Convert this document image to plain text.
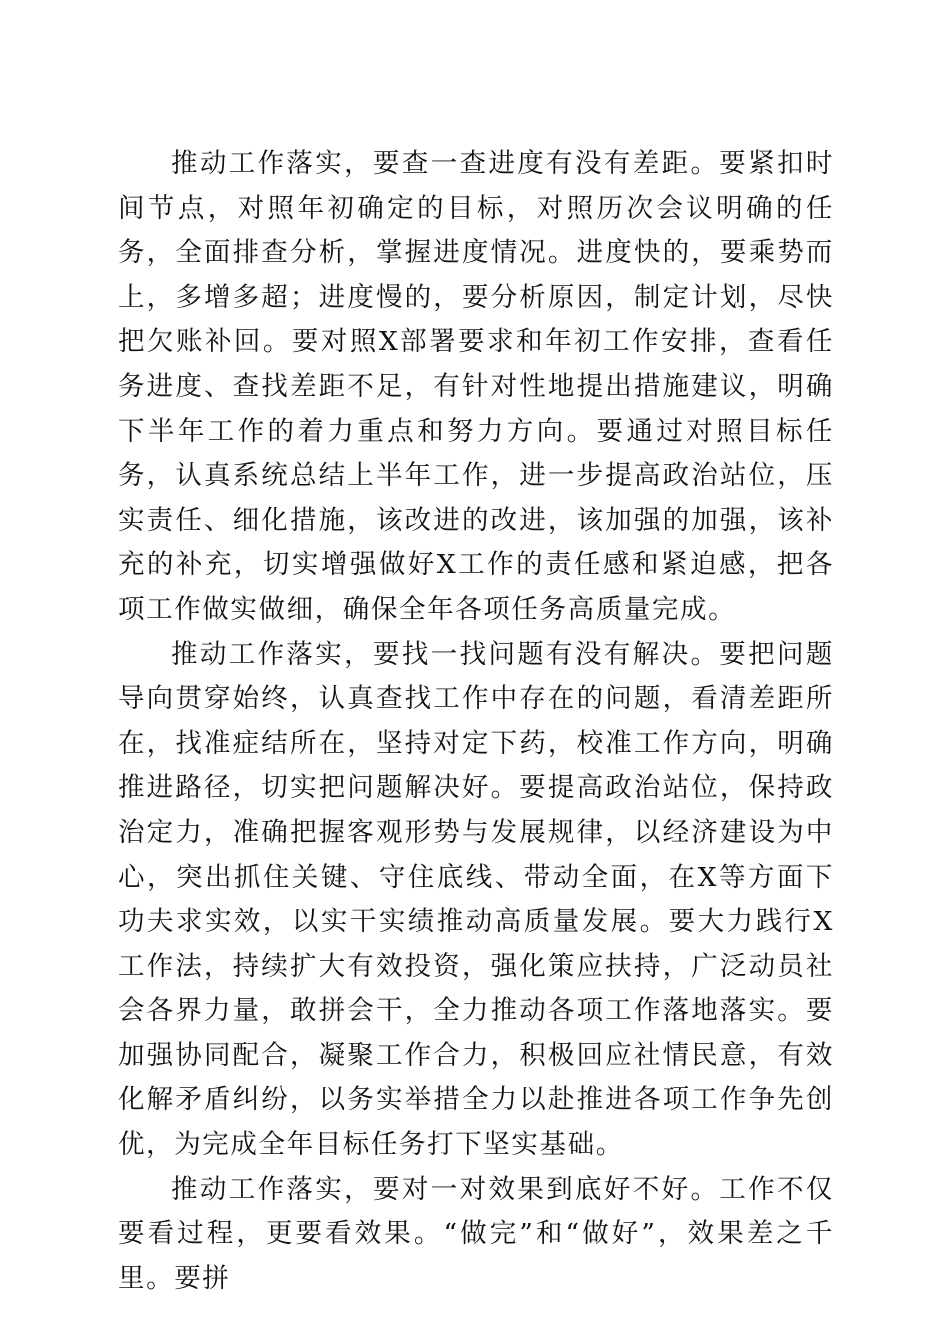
推动工作落实，要查一查进度有没有差距。要紧扣时间节点，对照年初确定的目标，对照历次会议明确的任务，全面排查分析，掌握进度情况。进度快的，要乘势而上，多增多超；进度慢的，要分析原因，制定计划，尽快把欠账补回。要对照X部署要求和年初工作安排，查看任务进度、查找差距不足，有针对性地提出措施建议，明确下半年工作的着力重点和努力方向。要通过对照目标任务，认真系统总结上半年工作，进一步提高政治站位，压实责任、细化措施，该改进的改进，该加强的加强，该补充的补充，切实增强做好X工作的责任感和紧迫感，把各项工作做实做细，确保全年各项任务高质量完成。

推动工作落实，要找一找问题有没有解决。要把问题导向贯穿始终，认真查找工作中存在的问题，看清差距所在，找准症结所在，坚持对定下药，校准工作方向，明确推进路径，切实把问题解决好。要提高政治站位，保持政治定力，准确把握客观形势与发展规律，以经济建设为中心，突出抓住关键、守住底线、带动全面，在X等方面下功夫求实效，以实干实绩推动高质量发展。要大力践行X工作法，持续扩大有效投资，强化策应扶持，广泛动员社会各界力量，敢拼会干，全力推动各项工作落地落实。要加强协同配合，凝聚工作合力，积极回应社情民意，有效化解矛盾纠纷，以务实举措全力以赴推进各项工作争先创优，为完成全年目标任务打下坚实基础。

推动工作落实，要对一对效果到底好不好。工作不仅要看过程，更要看效果。“做完”和“做好”，效果差之千里。要拼
